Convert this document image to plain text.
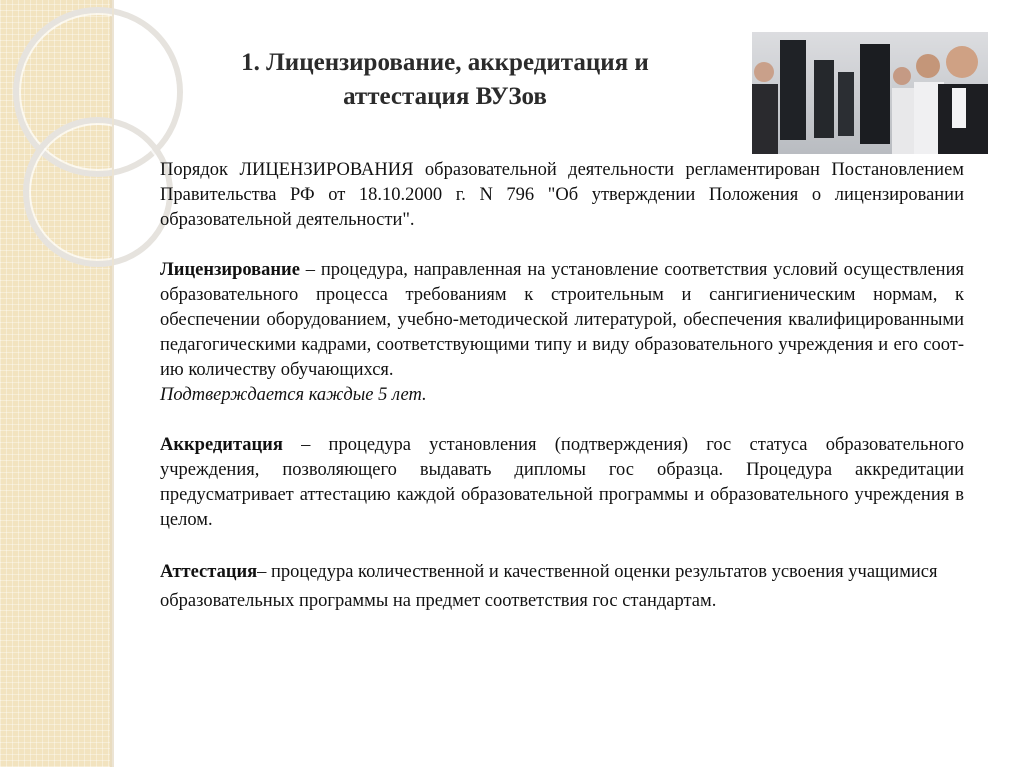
1. Лицензирование, аккредитация и
аттестация ВУЗов

Порядок ЛИЦЕНЗИРОВАНИЯ образовательной деятельности регламентирован Постановлением Правительства РФ от 18.10.2000 г. N 796 "Об утверждении Положения о лицензировании образовательной деятельности".

Лицензирование – процедура, направленная на установление соответствия условий осуществления образовательного процесса требованиям к строительным и сангигиеническим нормам, к обеспечении оборудованием, учебно-методической литературой, обеспечения квалифицированными педагогическими кадрами, соответствующими типу и виду образовательного учреждения и его соот-ию количеству обучающихся.

Подтверждается каждые 5 лет.

Аккредитация – процедура установления (подтверждения) гос статуса образовательного учреждения, позволяющего выдавать дипломы гос образца. Процедура аккредитации предусматривает аттестацию каждой образовательной программы и образовательного учреждения в целом.

Аттестация– процедура количественной и качественной оценки результатов усвоения учащимися образовательных программы на предмет соответствия гос стандартам.
